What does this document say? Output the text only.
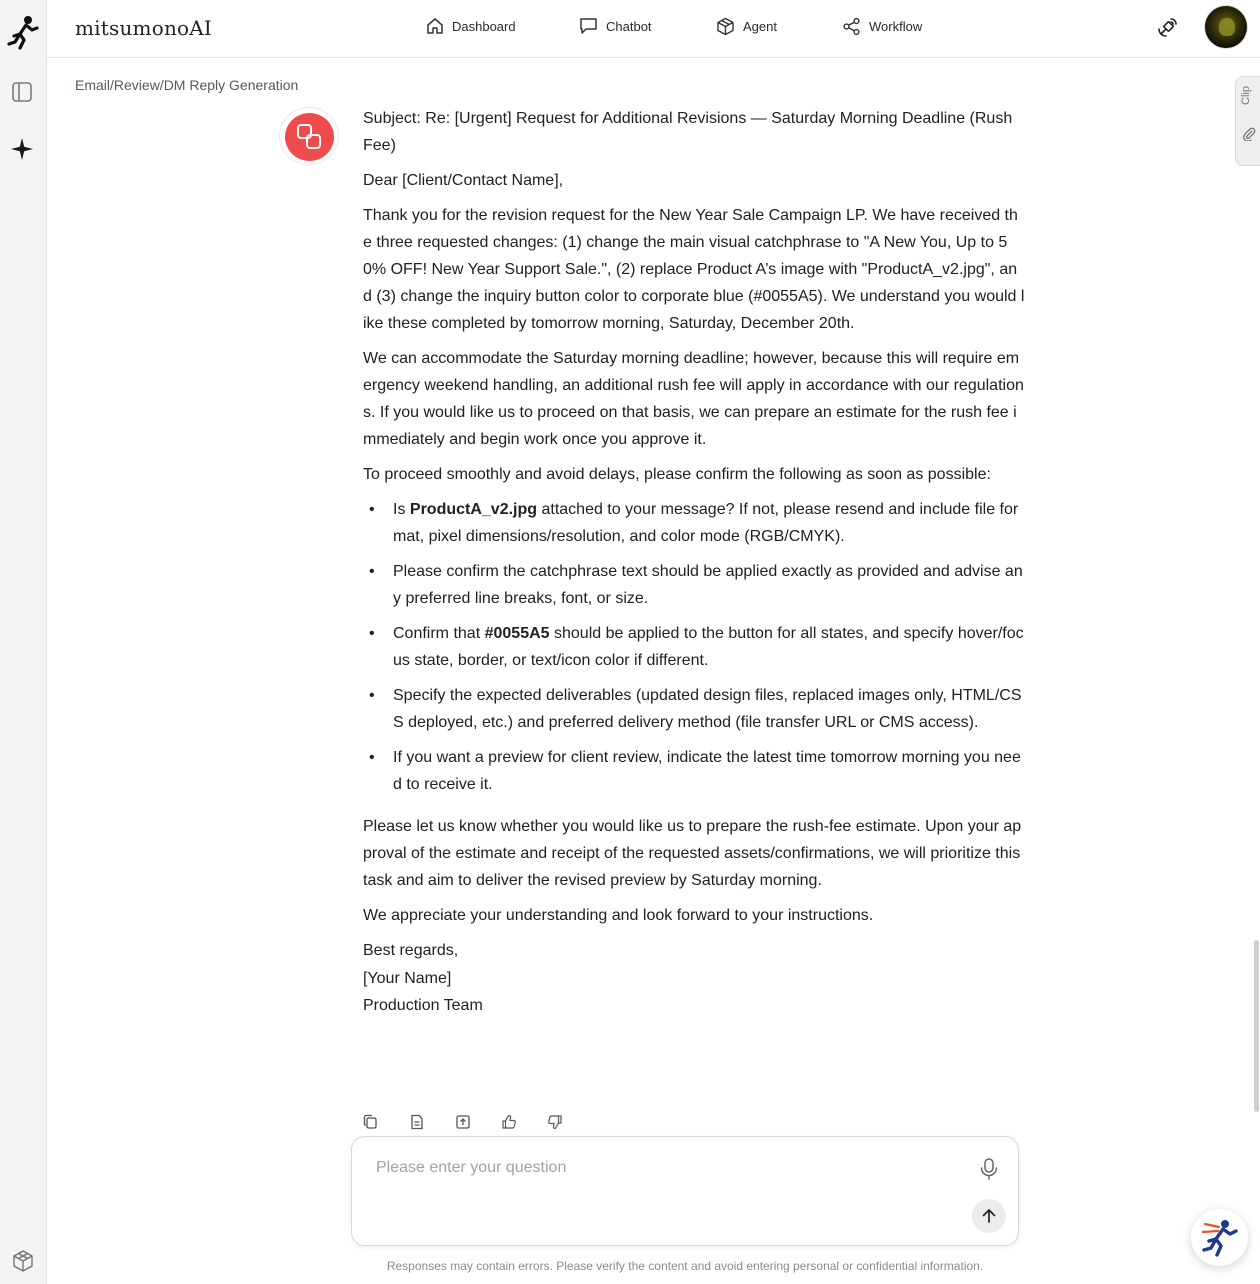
mitsumonoAI	Dashboard	Chatbot	Agent	Workflow
Email/Review/DM Reply Generation
Clip

Subject: Re: [Urgent] Request for Additional Revisions — Saturday Morning Deadline (Rush Fee)

Dear [Client/Contact Name],

Thank you for the revision request for the New Year Sale Campaign LP. We have received the three requested changes: (1) change the main visual catchphrase to "A New You, Up to 50% OFF! New Year Support Sale.", (2) replace Product A’s image with "ProductA_v2.jpg", and (3) change the inquiry button color to corporate blue (#0055A5). We understand you would like these completed by tomorrow morning, Saturday, December 20th.

We can accommodate the Saturday morning deadline; however, because this will require emergency weekend handling, an additional rush fee will apply in accordance with our regulations. If you would like us to proceed on that basis, we can prepare an estimate for the rush fee immediately and begin work once you approve it.

To proceed smoothly and avoid delays, please confirm the following as soon as possible:

• Is ProductA_v2.jpg attached to your message? If not, please resend and include file format, pixel dimensions/resolution, and color mode (RGB/CMYK).
• Please confirm the catchphrase text should be applied exactly as provided and advise any preferred line breaks, font, or size.
• Confirm that #0055A5 should be applied to the button for all states, and specify hover/focus state, border, or text/icon color if different.
• Specify the expected deliverables (updated design files, replaced images only, HTML/CSS deployed, etc.) and preferred delivery method (file transfer URL or CMS access).
• If you want a preview for client review, indicate the latest time tomorrow morning you need to receive it.

Please let us know whether you would like us to prepare the rush-fee estimate. Upon your approval of the estimate and receipt of the requested assets/confirmations, we will prioritize this task and aim to deliver the revised preview by Saturday morning.

We appreciate your understanding and look forward to your instructions.

Best regards,
[Your Name]
Production Team
Please enter your question
Responses may contain errors. Please verify the content and avoid entering personal or confidential information.
